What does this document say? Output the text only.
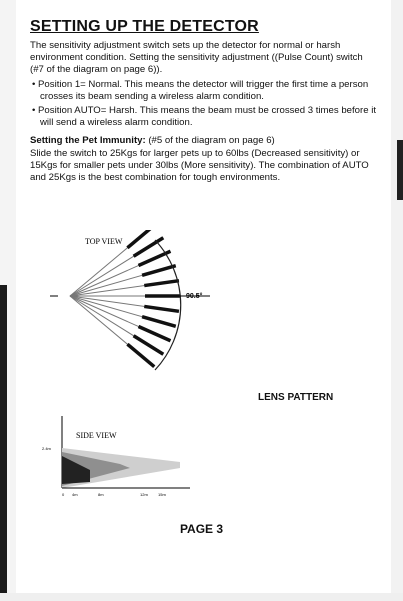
SETTING UP THE DETECTOR

The sensitivity adjustment switch sets up the detector for normal or harsh environment condition. Setting the sensitivity adjustment ((Pulse Count) switch (#7 of the diagram on page 6)).

• Position 1= Normal. This means the detector will trigger the first time a person crosses its beam sending a wireless alarm condition.

• Position AUTO= Harsh. This means the beam must be crossed 3 times before it will send a wireless alarm condition.

Setting the Pet Immunity: (#5 of the diagram on page 6)

Slide the switch to 25Kgs for larger pets up to 60lbs (Decreased sensitivity) or 15Kgs for smaller pets under 30lbs (More sensitivity). The combination of AUTO and 25Kgs is the best combination for tough environments.

TOP VIEW
90.5°
LENS PATTERN
SIDE VIEW
2.4m
0 4m	8m	12m	15m
PAGE 3
